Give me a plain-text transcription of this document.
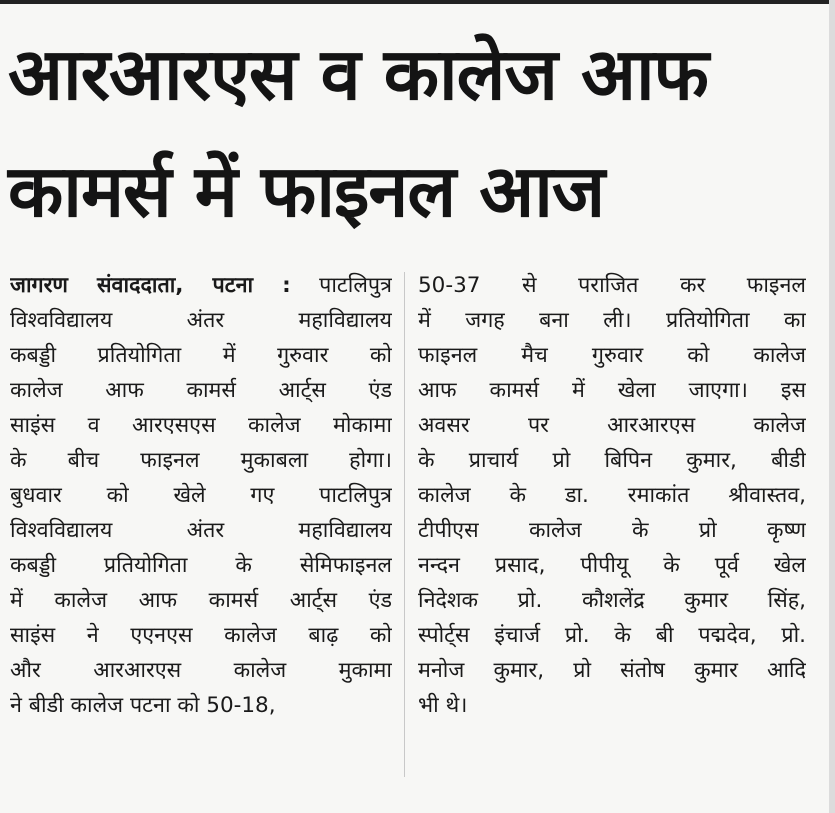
आरआरएस व कालेज आफ
कामर्स में फाइनल आज
जागरण संवाददाता, पटना : पाटलिपुत्र
विश्वविद्यालय अंतर महाविद्यालय
कबड्डी प्रतियोगिता में गुरुवार को
कालेज आफ कामर्स आर्ट्स एंड
साइंस व आरएसएस कालेज मोकामा
के बीच फाइनल मुकाबला होगा।
बुधवार को खेले गए पाटलिपुत्र
विश्वविद्यालय अंतर महाविद्यालय
कबड्डी प्रतियोगिता के सेमिफाइनल
में कालेज आफ कामर्स आर्ट्स एंड
साइंस ने एएनएस कालेज बाढ़ को
और आरआरएस कालेज मुकामा
ने बीडी कालेज पटना को 50-18,
50-37 से पराजित कर फाइनल
में जगह बना ली। प्रतियोगिता का
फाइनल मैच गुरुवार को कालेज
आफ कामर्स में खेला जाएगा। इस
अवसर पर आरआरएस कालेज
के प्राचार्य प्रो बिपिन कुमार, बीडी
कालेज के डा. रमाकांत श्रीवास्तव,
टीपीएस कालेज के प्रो कृष्ण
नन्दन प्रसाद, पीपीयू के पूर्व खेल
निदेशक प्रो. कौशलेंद्र कुमार सिंह,
स्पोर्ट्स इंचार्ज प्रो. के बी पद्मदेव, प्रो.
मनोज कुमार, प्रो संतोष कुमार आदि
भी थे।
